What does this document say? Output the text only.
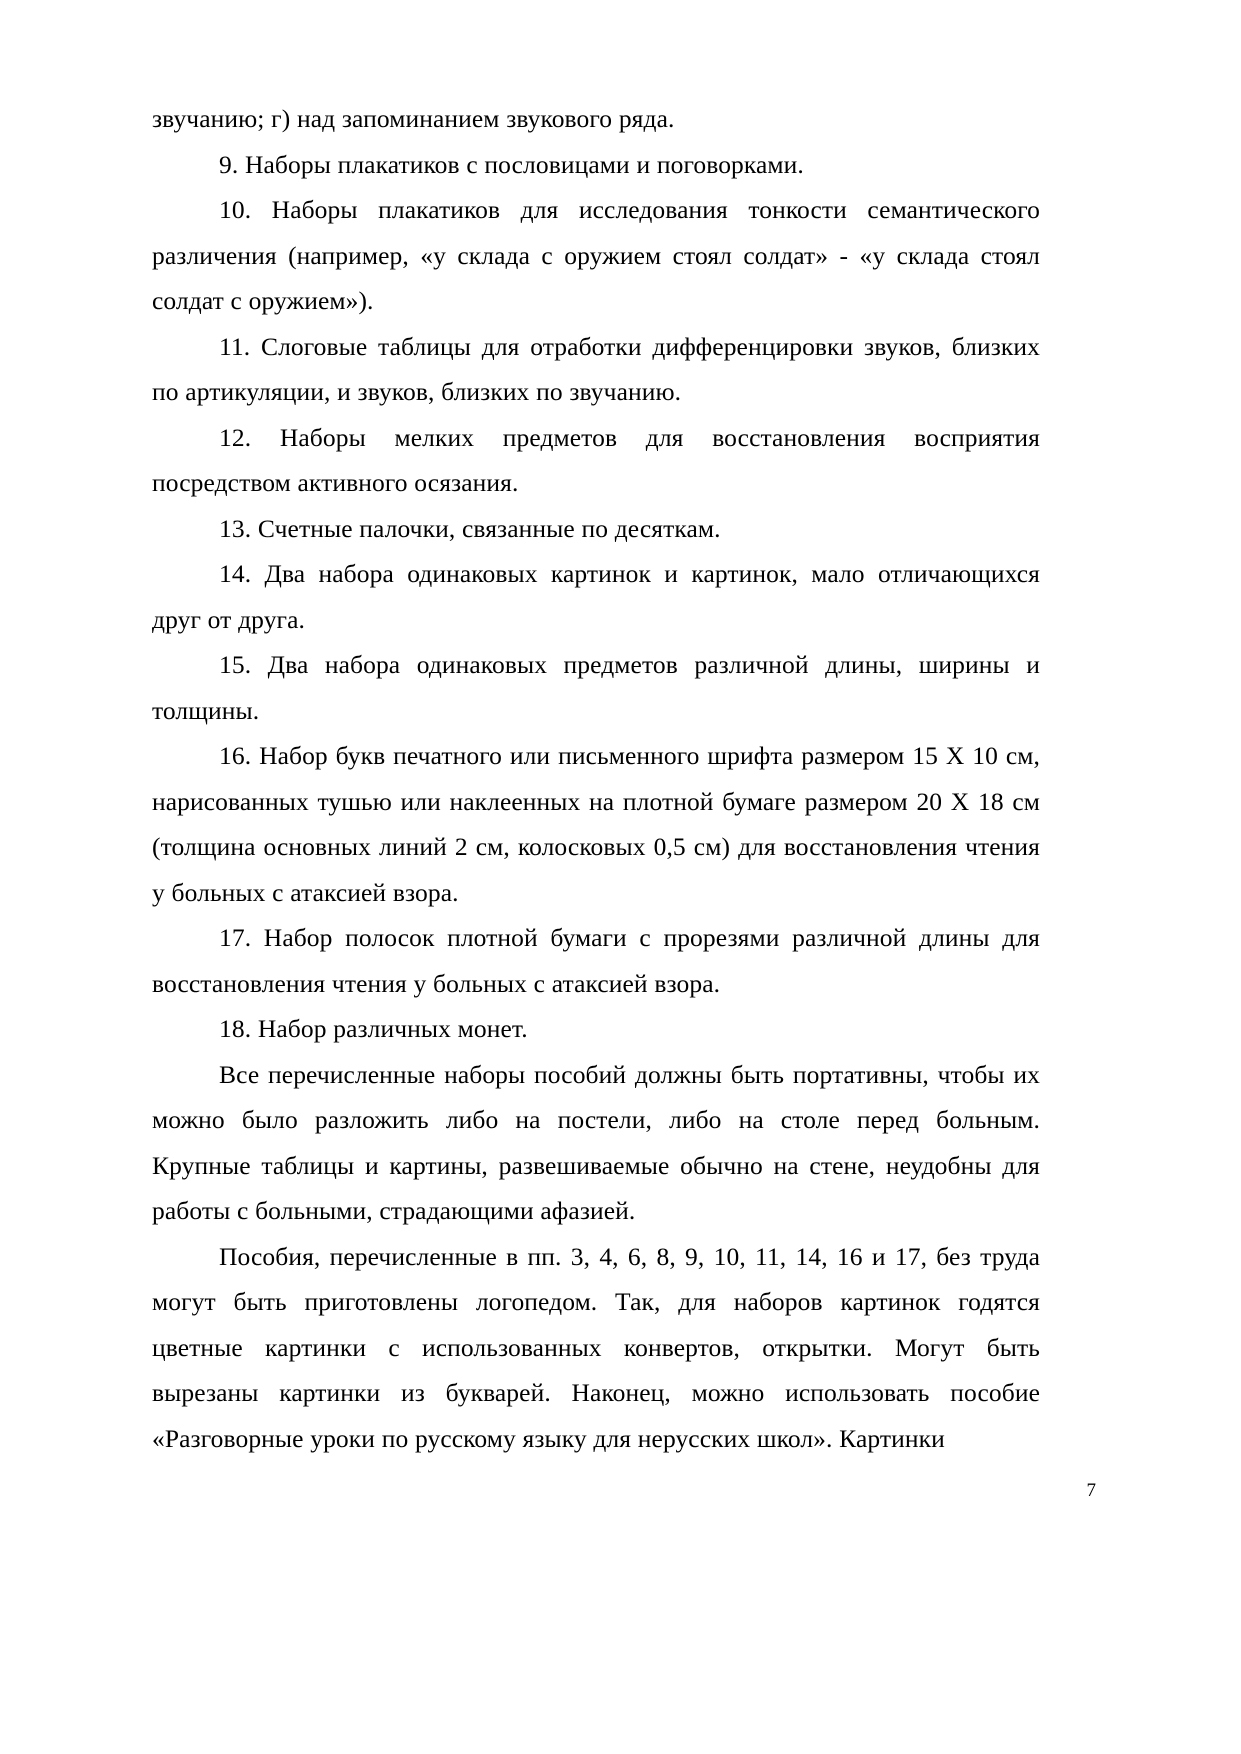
звучанию; г) над запоминанием звукового ряда.

9. Наборы плакатиков с пословицами и поговорками.

10. Наборы плакатиков для исследования тонкости семантического различения (например, «у склада с оружием стоял солдат» - «у склада стоял солдат с оружием»).

11. Слоговые таблицы для отработки дифференцировки звуков, близких по артикуляции, и звуков, близких по звучанию.

12. Наборы мелких предметов для восстановления восприятия посредством активного осязания.

13. Счетные палочки, связанные по десяткам.

14. Два набора одинаковых картинок и картинок, мало отличающихся друг от друга.

15. Два набора одинаковых предметов различной длины, ширины и толщины.

16. Набор букв печатного или письменного шрифта размером 15 Х 10 см, нарисованных тушью или наклеенных на плотной бумаге размером 20 Х 18 см (толщина основных линий 2 см, колосковых 0,5 см) для восстановления чтения у больных с атаксией взора.

17. Набор полосок плотной бумаги с прорезями различной длины для восстановления чтения у больных с атаксией взора.

18. Набор различных монет.

Все перечисленные наборы пособий должны быть портативны, чтобы их можно было разложить либо на постели, либо на столе перед больным. Крупные таблицы и картины, развешиваемые обычно на стене, неудобны для работы с больными, страдающими афазией.

Пособия, перечисленные в пп. 3, 4, 6, 8, 9, 10, 11, 14, 16 и 17, без труда могут быть приготовлены логопедом. Так, для наборов картинок годятся цветные картинки с использованных конвертов, открытки. Могут быть вырезаны картинки из букварей. Наконец, можно использовать пособие «Разговорные уроки по русскому языку для нерусских школ». Картинки

7
